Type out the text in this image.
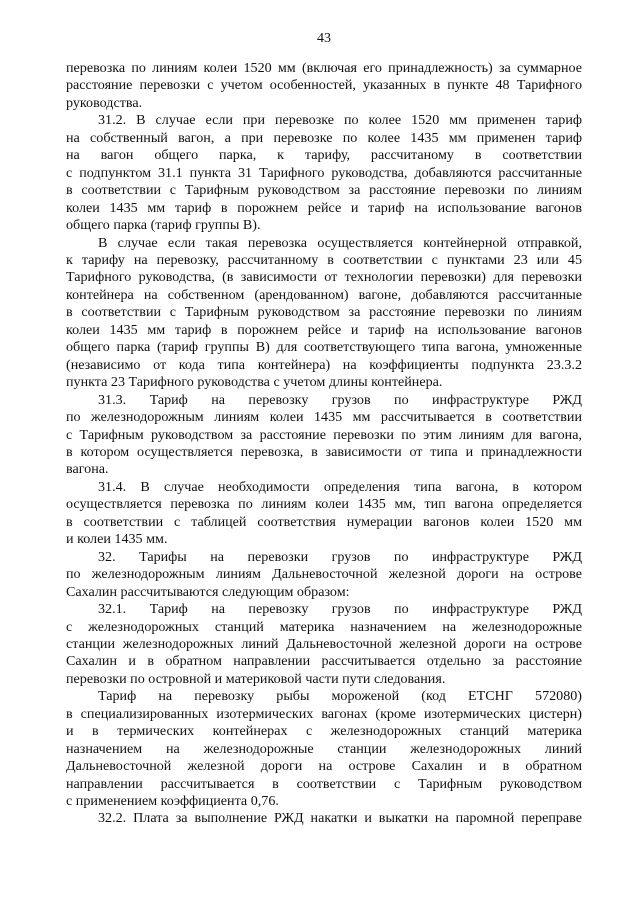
43
перевозка по линиям колеи 1520 мм (включая его принадлежность) за суммарное
расстояние перевозки с учетом особенностей, указанных в пункте 48 Тарифного
руководства.
31.2. В случае если при перевозке по колее 1520 мм применен тариф
на собственный вагон, а при перевозке по колее 1435 мм применен тариф
на вагон общего парка, к тарифу, рассчитаному в соответствии
с подпунктом 31.1 пункта 31 Тарифного руководства, добавляются рассчитанные
в соответствии с Тарифным руководством за расстояние перевозки по линиям
колеи 1435 мм тариф в порожнем рейсе и тариф на использование вагонов
общего парка (тариф группы В).
В случае если такая перевозка осуществляется контейнерной отправкой,
к тарифу на перевозку, рассчитанному в соответствии с пунктами 23 или 45
Тарифного руководства, (в зависимости от технологии перевозки) для перевозки
контейнера на собственном (арендованном) вагоне, добавляются рассчитанные
в соответствии с Тарифным руководством за расстояние перевозки по линиям
колеи 1435 мм тариф в порожнем рейсе и тариф на использование вагонов
общего парка (тариф группы В) для соответствующего типа вагона, умноженные
(независимо от кода типа контейнера) на коэффициенты подпункта 23.3.2
пункта 23 Тарифного руководства с учетом длины контейнера.
31.3. Тариф на перевозку грузов по инфраструктуре РЖД
по железнодорожным линиям колеи 1435 мм рассчитывается в соответствии
с Тарифным руководством за расстояние перевозки по этим линиям для вагона,
в котором осуществляется перевозка, в зависимости от типа и принадлежности
вагона.
31.4. В случае необходимости определения типа вагона, в котором
осуществляется перевозка по линиям колеи 1435 мм, тип вагона определяется
в соответствии с таблицей соответствия нумерации вагонов колеи 1520 мм
и колеи 1435 мм.
32. Тарифы на перевозки грузов по инфраструктуре РЖД
по железнодорожным линиям Дальневосточной железной дороги на острове
Сахалин рассчитываются следующим образом:
32.1. Тариф на перевозку грузов по инфраструктуре РЖД
с железнодорожных станций материка назначением на железнодорожные
станции железнодорожных линий Дальневосточной железной дороги на острове
Сахалин и в обратном направлении рассчитывается отдельно за расстояние
перевозки по островной и материковой части пути следования.
Тариф на перевозку рыбы мороженой (код ЕТСНГ 572080)
в специализированных изотермических вагонах (кроме изотермических цистерн)
и в термических контейнерах с железнодорожных станций материка
назначением на железнодорожные станции железнодорожных линий
Дальневосточной железной дороги на острове Сахалин и в обратном
направлении рассчитывается в соответствии с Тарифным руководством
с применением коэффициента 0,76.
32.2. Плата за выполнение РЖД накатки и выкатки на паромной переправе
